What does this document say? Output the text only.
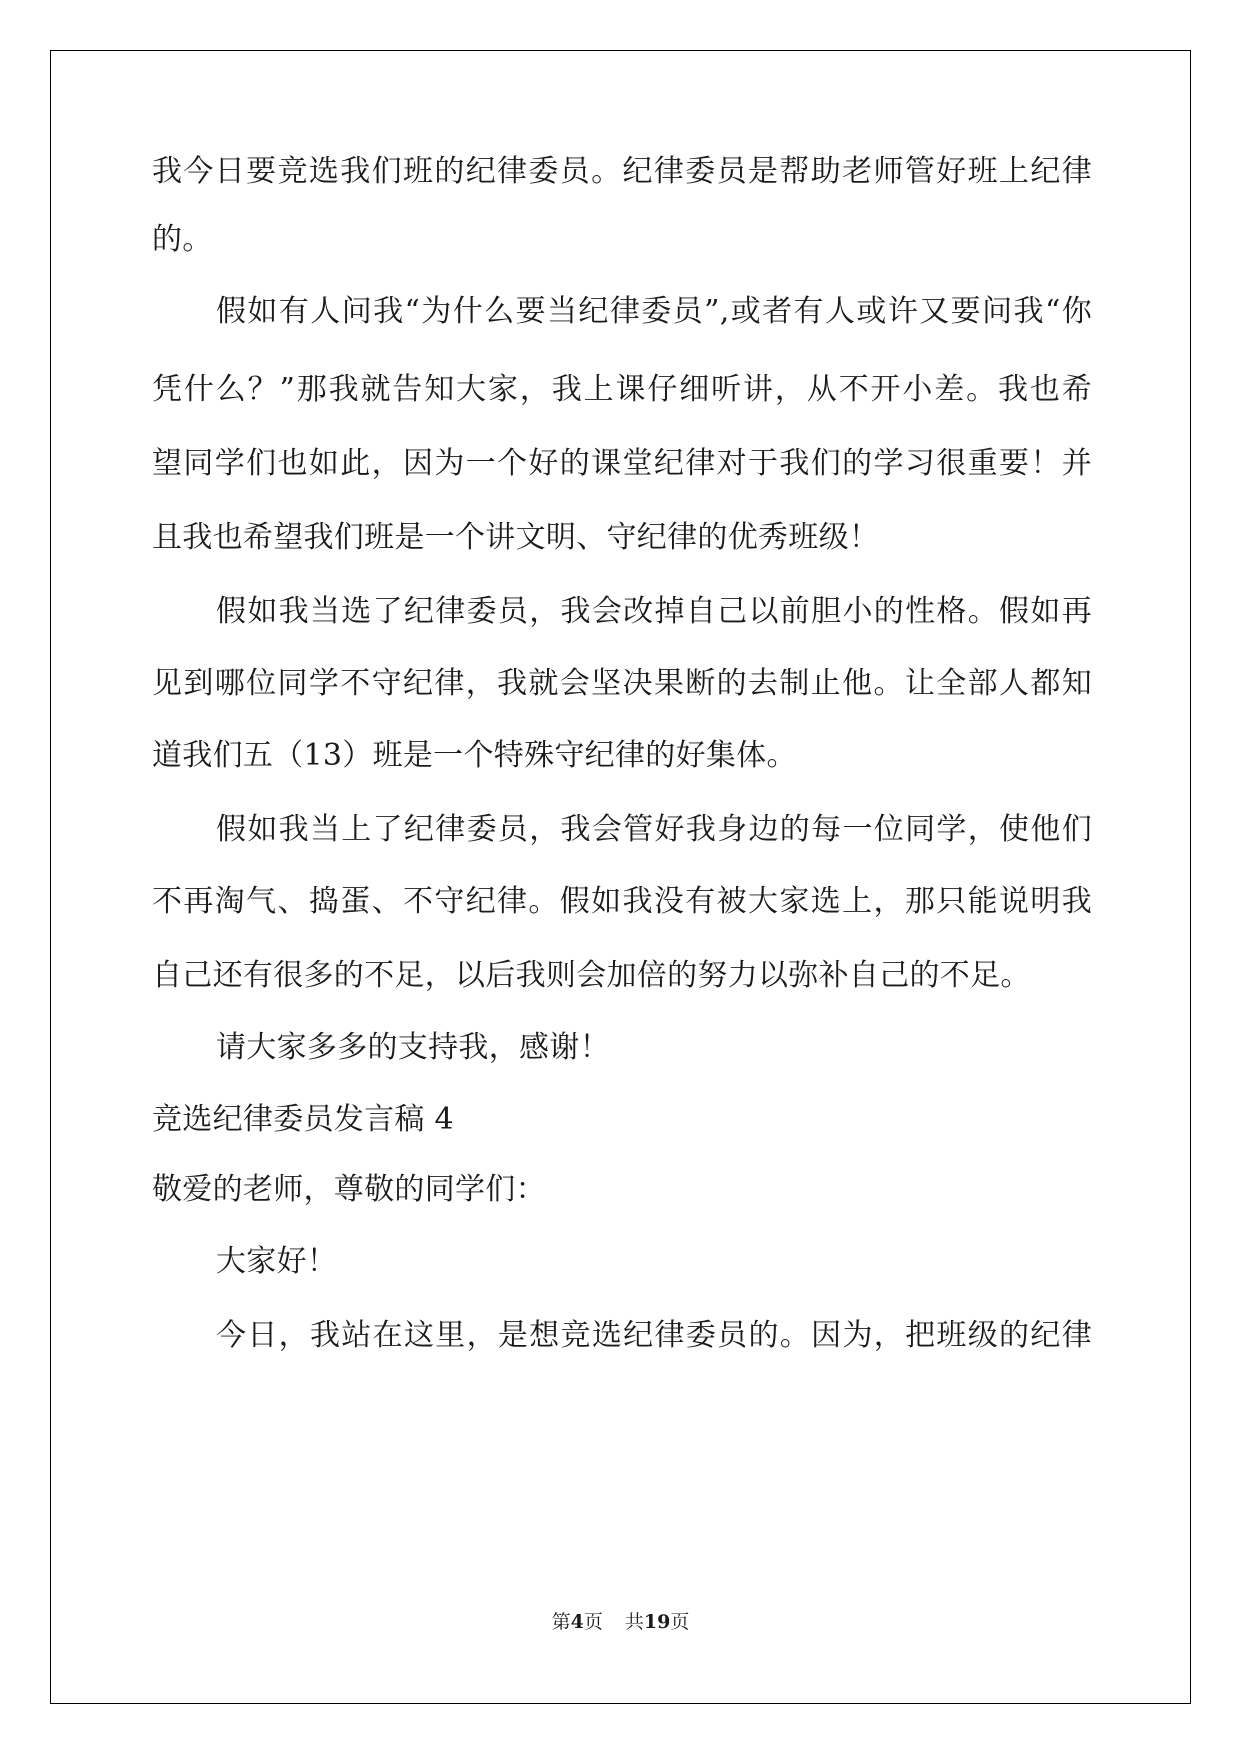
我今日要竞选我们班的纪律委员。纪律委员是帮助老师管好班上纪律
的。
假如有人问我“为什么要当纪律委员”,或者有人或许又要问我“你
凭什么？”那我就告知大家，我上课仔细听讲，从不开小差。我也希
望同学们也如此，因为一个好的课堂纪律对于我们的学习很重要！并
且我也希望我们班是一个讲文明、守纪律的优秀班级！
假如我当选了纪律委员，我会改掉自己以前胆小的性格。假如再
见到哪位同学不守纪律，我就会坚决果断的去制止他。让全部人都知
道我们五（13）班是一个特殊守纪律的好集体。
假如我当上了纪律委员，我会管好我身边的每一位同学，使他们
不再淘气、捣蛋、不守纪律。假如我没有被大家选上，那只能说明我
自己还有很多的不足，以后我则会加倍的努力以弥补自己的不足。
请大家多多的支持我，感谢！
竞选纪律委员发言稿 4
敬爱的老师，尊敬的同学们：
大家好！
今日，我站在这里，是想竞选纪律委员的。因为，把班级的纪律
第4页 共19页
